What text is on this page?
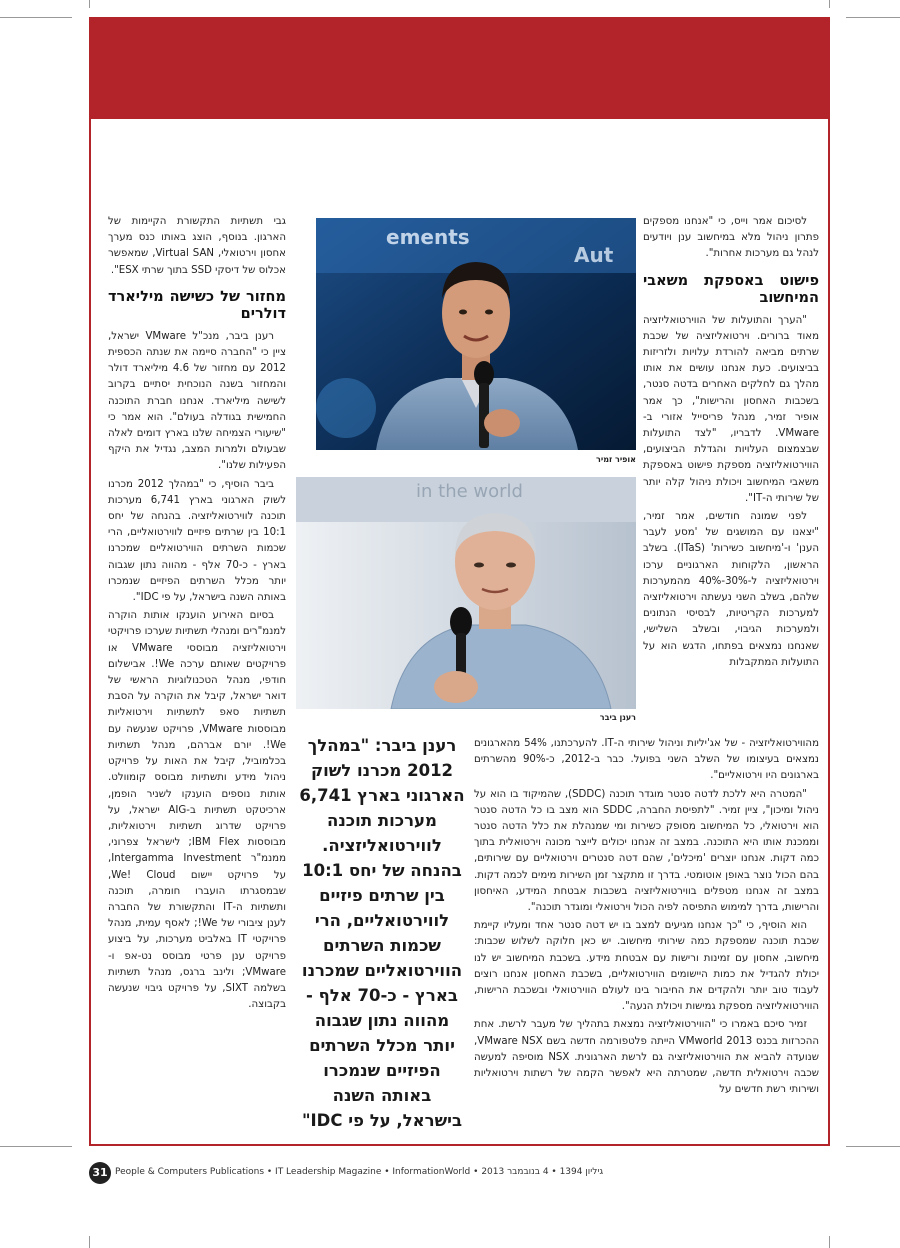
לסיכום אמר וייס, כי "אנחנו מספקים פתרון ניהול מלא במיחשוב ענן ויודעים לנהל גם מערכות אחרות".

פישוט באספקת משאבי המיחשוב

"הערך והתועלות של הווירטואליזציה מאוד ברורים. וירטואליזציה של שכבת שרתים מביאה להורדת עלויות ולזריזות בביצועים. כעת אנחנו עושים את אותו מהלך גם לחלקים האחרים בדטה סנטר, בשכבות האחסון והרישות", כך אמר אופיר זמיר, מנהל פריסייל אזורי ב-VMware. לדבריו, "לצד התועלות שבצמצום העלויות והגדלת הביצועים, הווירטואליזציה מספקת פישוט באספקת משאבי המיחשוב ויכולת ניהול קלה יותר של שירותי ה-IT".

לפני שמונה חודשים, אמר זמיר, "יצאנו עם המושגים של 'מסע לעבר הענן' ו-'מיחשוב כשירות' (ITaS). בשלב הראשון, הלקוחות הארגוניים ערכו וירטואליזציה ל-30%-40% מהמערכות שלהם, בשלב השני נעשתה וירטואליזציה למערכות הקריטיות, לבסיסי הנתונים ולמערכות הגיבוי, ובשלב השלישי, שאנחנו נמצאים בפתחו, הדגש הוא על התועלות המתקבלות

מהווירטואליזציה - של אג'יליות וניהול שירותי ה-IT. להערכתנו, 54% מהארגונים נמצאים בעיצומו של השלב השני בפועל. כבר ב-2012, כ-90% מהשרתים בארגונים היו וירטואליים".

"המטרה היא ללכת לדטה סנטר מוגדר תוכנה (SDDC), שהמיקוד בו הוא על ניהול ומיכון", ציין זמיר. "לתפיסת החברה, SDDC הוא מצב בו כל הדטה סנטר הוא וירטואלי, כל המיחשוב מסופק כשירות ומי שמנהלת את כלל הדטה סנטר וממכנת אותו היא התוכנה. במצב זה אנחנו יכולים לייצר מכונה וירטואלית בתוך כמה דקות. אנחנו יוצרים 'מיכלים', שהם דטה סנטרים וירטואליים עם שירותים, בהם הכול נוצר באופן אוטומטי. בדרך זו מתקצר זמן השירות מימים לכמה דקות. במצב זה אנחנו מטפלים בווירטואליזציה בשכבות אבטחת המידע, האיחסון והרישות, בדרך למימוש התפיסה לפיה הכול וירטואלי ומוגדר תוכנה".

הוא הוסיף, כי "כך אנחנו מגיעים למצב בו יש דטה סנטר אחד ומעליו קיימת שכבת תוכנה שמספקת כמה שירותי מיחשוב. יש כאן חלוקה לשלוש שכבות: מיחשוב, אחסון עם זמינות ורישות עם אבטחת מידע. בשכבת המיחשוב יש לנו יכולת להגדיל את כמות היישומים הווירטואליים, בשכבת האחסון אנחנו רוצים לעבוד טוב יותר ולהקדים את החיבור בינו לעולם הווירטואלי ובשכבת הרישות, הווירטואליזציה מספקת גמישות ויכולת הנעה".

זמיר סיכם באמרו כי "הווירטואליזציה נמצאת בתהליך של מעבר לרשת. אחת ההכרזות בכנס VMworld 2013 הייתה פלטפורמה חדשה בשם VMware NSX, שנועדה להביא את הווירטואליזציה גם לרשת הארגונית. NSX מוסיפה למעשה שכבה וירטואלית חדשה, שמטרתה היא לאפשר הקמה של רשתות וירטואליות ושירותי רשת חדשים על

גבי תשתיות התקשורת הקיימות של הארגון. בנוסף, הוצג באותו כנס מערך אחסון וירטואלי, Virtual SAN, שמאפשר אכלוס של דיסקי SSD בתוך שרתי ESX".

מחזור של כשישה מיליארד דולרים

רענן ביבר, מנכ"ל VMware ישראל, ציין כי "החברה סיימה את שנתה הכספית 2012 עם מחזור של 4.6 מיליארד דולר והמחזור בשנה הנוכחית יסתיים בקרוב לשישה מיליארד. אנחנו חברת התוכנה החמישית בגודלה בעולם". הוא אמר כי "שיעורי הצמיחה שלנו בארץ דומים לאלה שבעולם ולמרות המצב, נגדיל את היקף הפעילות שלנו".

ביבר הוסיף, כי "במהלך 2012 מכרנו לשוק הארגוני בארץ 6,741 מערכות תוכנה לווירטואליזציה. בהנחה של יחס 10:1 בין שרתים פיזיים לווירטואליים, הרי שכמות השרתים הווירטואליים שמכרנו בארץ - כ-70 אלף - מהווה נתון שגבוה יותר מכלל השרתים הפיזיים שנמכרו באותה השנה בישראל, על פי IDC".

בסיום האירוע הוענקו אותות הוקרה למנמ"רים ומנהלי תשתיות שערכו פרויקטי וירטואליזציה מבוססי VMware או פרויקטים שאותם ערכה We!. אבישלום חודפי, מנהל הטכנולוגיות הראשי של דואר ישראל, קיבל את הוקרה על הסבת תשתיות סאפ לתשתיות וירטואליות מבוססות VMware, פרויקט שנעשה עם We!. יורם אברהם, מנהל תשתיות בכלמוביל, קיבל את האות על פרויקט ניהול מידע ותשתיות מבוסס קומוולט. אותות נוספים הוענקו לשניר הופמן, ארכיטקט תשתיות ב-AIG ישראל, על פרויקט שדרוג תשתיות וירטואליות, מבוססות IBM Flex; לישראל צפרוני, ממנמ"ר Intergamma Investment, על פרויקט יישום We! Cloud, שבמסגרתו הועברו חומרה, תוכנה ותשתיות ה-IT והתקשורת של החברה לענן ציבורי של We!; לאסף עמית, מנהל פרויקטי IT באלביט מערכות, על ביצוע פרויקט ענן פרטי מבוסס נט-אפ ו-VMware; ולינב ברגס, מנהל תשתיות בשלמה SIXT, על פרויקט גיבוי שנעשה בקבוצה.

ements
Aut
אופיר זמיר
in the world
רענן ביבר
רענן ביבר: "במהלך 2012 מכרנו לשוק הארגוני בארץ 6,741 מערכות תוכנה לווירטואליזציה. בהנחה של יחס 10:1 בין שרתים פיזיים לווירטואליים, הרי שכמות השרתים הווירטואליים שמכרנו בארץ - כ-70 אלף - מהווה נתון שגבוה יותר מכלל השרתים הפיזיים שנמכרו באותה השנה בישראל, על פי IDC"
31 People & Computers Publications • IT Leadership Magazine • InformationWorld • גיליון 1394 • 4 בנובמבר 2013
